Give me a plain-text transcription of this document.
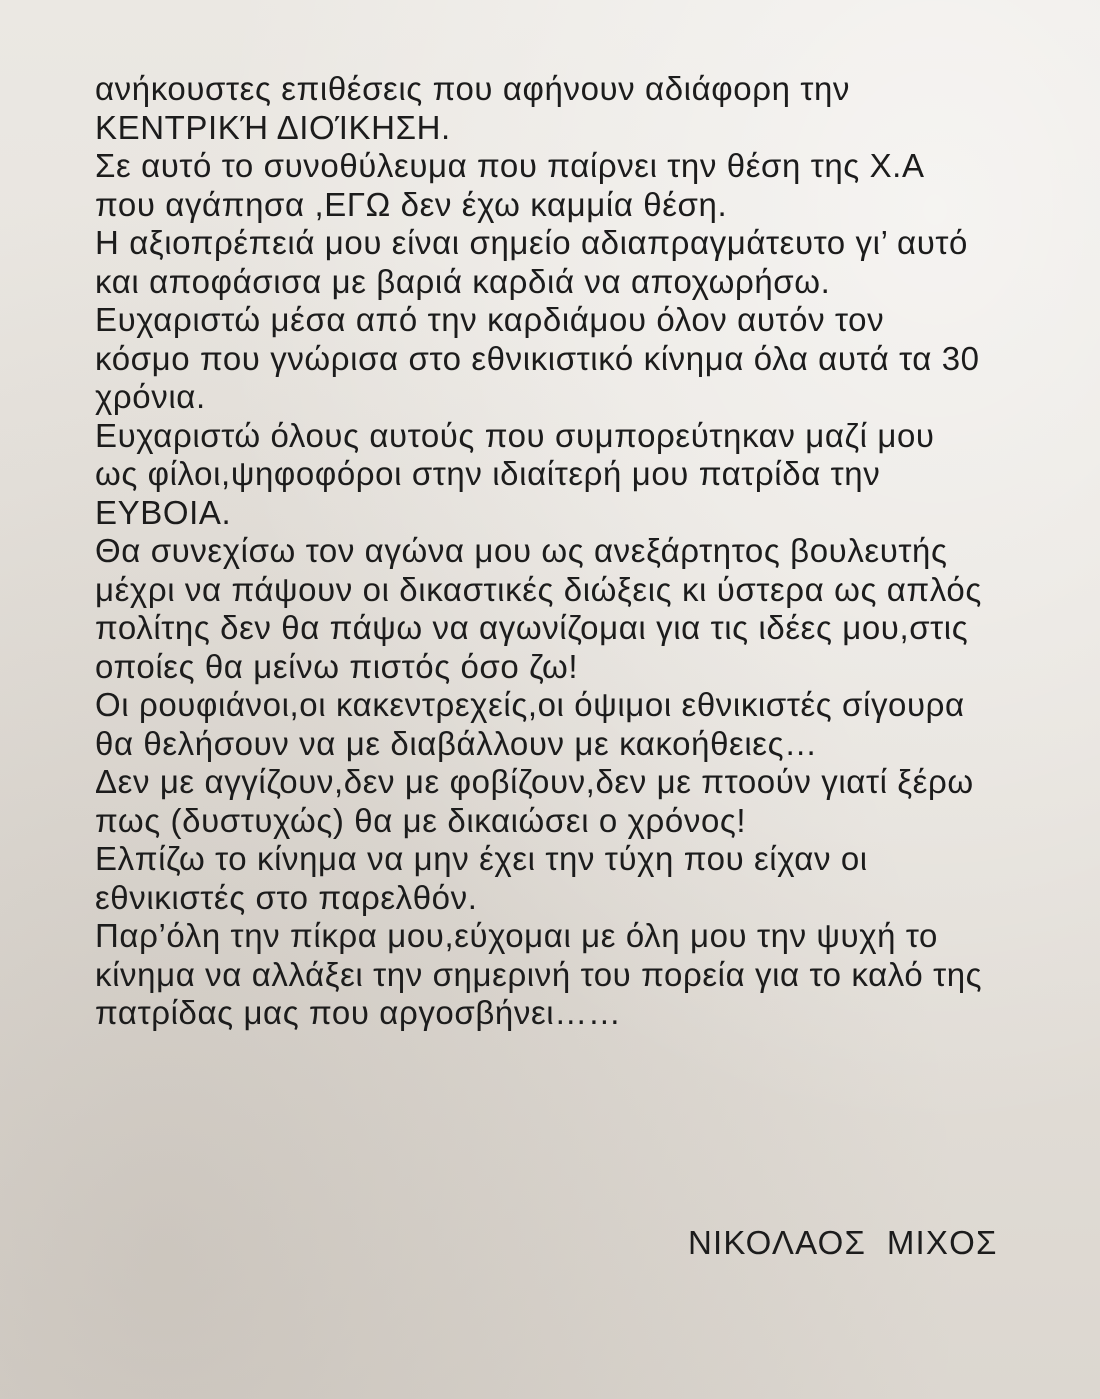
ανήκουστες επιθέσεις που αφήνουν αδιάφορη την
ΚΕΝΤΡΙΚΉ ΔΙΟΊΚΗΣΗ.
Σε αυτό το συνοθύλευμα που παίρνει την θέση της Χ.Α
που αγάπησα ,ΕΓΩ δεν έχω καμμία θέση.
Η αξιοπρέπειά μου είναι σημείο αδιαπραγμάτευτο γι’ αυτό
και αποφάσισα με βαριά καρδιά να αποχωρήσω.
Ευχαριστώ μέσα από την καρδιάμου όλον αυτόν τον
κόσμο που γνώρισα στο εθνικιστικό κίνημα όλα αυτά τα 30
χρόνια.
Ευχαριστώ όλους αυτούς που συμπορεύτηκαν μαζί μου
ως φίλοι,ψηφοφόροι στην ιδιαίτερή μου πατρίδα την
ΕΥΒΟΙΑ.
Θα συνεχίσω τον αγώνα μου ως ανεξάρτητος βουλευτής
μέχρι να πάψουν οι δικαστικές διώξεις κι ύστερα ως απλός
πολίτης δεν θα πάψω να αγωνίζομαι για τις ιδέες μου,στις
οποίες θα μείνω πιστός όσο ζω!
Οι ρουφιάνοι,οι κακεντρεχείς,οι όψιμοι εθνικιστές σίγουρα
θα θελήσουν να με διαβάλλουν με κακοήθειες…
Δεν με αγγίζουν,δεν με φοβίζουν,δεν με πτοούν γιατί ξέρω
πως (δυστυχώς) θα με δικαιώσει ο χρόνος!
Ελπίζω το κίνημα να μην έχει την τύχη που είχαν οι
εθνικιστές στο παρελθόν.
Παρ’όλη την πίκρα μου,εύχομαι με όλη μου την ψυχή το
κίνημα να αλλάξει την σημερινή του πορεία για το καλό της
πατρίδας μας που αργοσβήνει……
ΝΙΚΟΛΑΟΣ  ΜΙΧΟΣ
